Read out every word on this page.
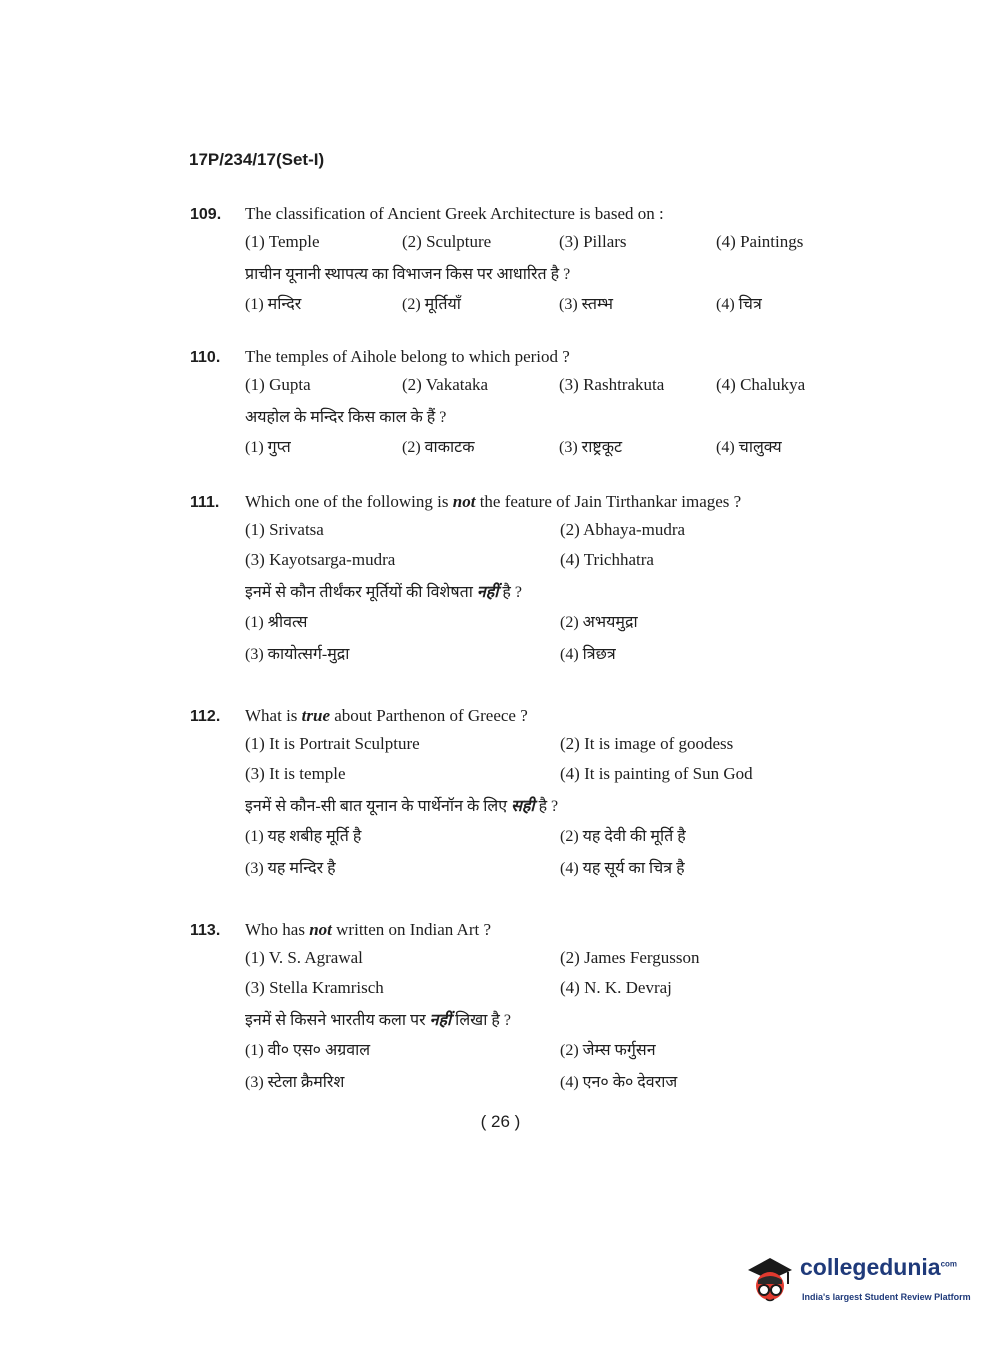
17P/234/17(Set-I)
109.	The classification of Ancient Greek Architecture is based on :
(1) Temple	(2) Sculpture	(3) Pillars	(4) Paintings
प्राचीन यूनानी स्थापत्य का विभाजन किस पर आधारित है ?
(1) मन्दिर	(2) मूर्तियाँ	(3) स्तम्भ	(4) चित्र
110.	The temples of Aihole belong to which period ?
(1) Gupta	(2) Vakataka	(3) Rashtrakuta	(4) Chalukya
अयहोल के मन्दिर किस काल के हैं ?
(1) गुप्त	(2) वाकाटक	(3) राष्ट्रकूट	(4) चालुक्य
111.	Which one of the following is not the feature of Jain Tirthankar images ?
(1) Srivatsa	(2) Abhaya-mudra
(3) Kayotsarga-mudra	(4) Trichhatra
इनमें से कौन तीर्थंकर मूर्तियों की विशेषता नहीं है ?
(1) श्रीवत्स	(2) अभयमुद्रा
(3) कायोत्सर्ग-मुद्रा	(4) त्रिछत्र
112.	What is true about Parthenon of Greece ?
(1) It is Portrait Sculpture	(2) It is image of goodess
(3) It is temple	(4) It is painting of Sun God
इनमें से कौन-सी बात यूनान के पार्थेनॉन के लिए सही है ?
(1) यह शबीह मूर्ति है	(2) यह देवी की मूर्ति है
(3) यह मन्दिर है	(4) यह सूर्य का चित्र है
113.	Who has not written on Indian Art ?
(1) V. S. Agrawal	(2) James Fergusson
(3) Stella Kramrisch	(4) N. K. Devraj
इनमें से किसने भारतीय कला पर नहीं लिखा है ?
(1) वी० एस० अग्रवाल	(2) जेम्स फर्गुसन
(3) स्टेला क्रैमरिश	(4) एन० के० देवराज
( 26 )
collegedunia$^{com}$
India's largest Student Review Platform
